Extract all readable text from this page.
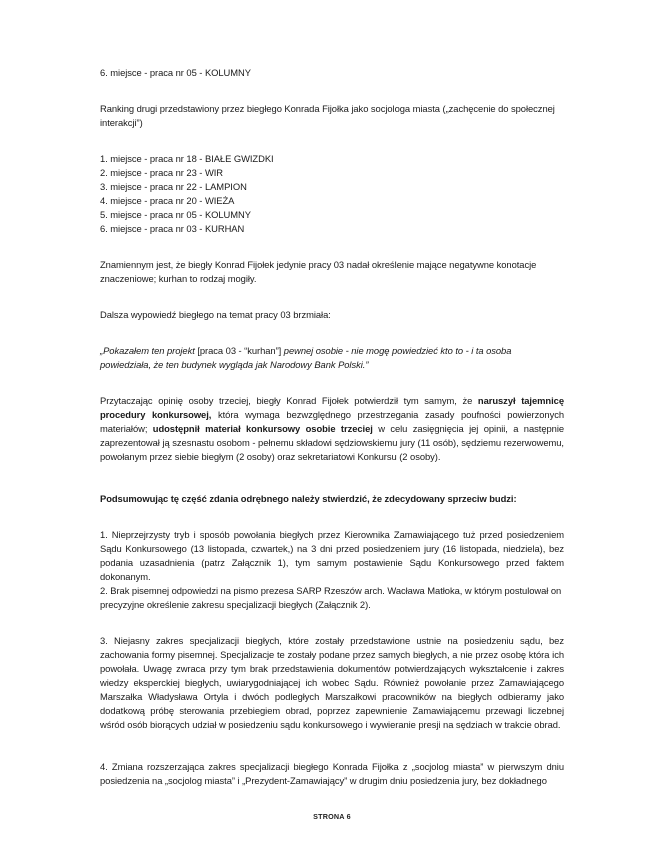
6. miejsce - praca nr 05 - KOLUMNY

Ranking drugi przedstawiony przez biegłego Konrada Fijołka jako socjologa miasta („zachęcenie do społecznej interakcji”)

1. miejsce - praca nr 18 - BIAŁE GWIZDKI

2. miejsce - praca nr 23 - WIR

3. miejsce - praca nr 22 - LAMPION

4. miejsce - praca nr 20 - WIEŻA

5. miejsce - praca nr 05 - KOLUMNY

6. miejsce - praca nr 03 - KURHAN

Znamiennym jest, że biegły Konrad Fijołek jedynie pracy 03 nadał określenie mające negatywne konotacje znaczeniowe; kurhan to rodzaj mogiły.

Dalsza wypowiedź biegłego na temat pracy 03 brzmiała:

„Pokazałem ten projekt [praca 03 - “kurhan”] pewnej osobie - nie mogę powiedzieć kto to - i ta osoba powiedziała, że ten budynek wygląda jak Narodowy Bank Polski.”

Przytaczając opinię osoby trzeciej, biegły Konrad Fijołek potwierdził tym samym, że naruszył tajemnicę procedury konkursowej, która wymaga bezwzględnego przestrzegania zasady poufności powierzonych materiałów; udostępnił materiał konkursowy osobie trzeciej w celu zasięgnięcia jej opinii, a następnie zaprezentował ją szesnastu osobom - pełnemu składowi sędziowskiemu jury (11 osób), sędziemu rezerwowemu, powołanym przez siebie biegłym (2 osoby) oraz sekretariatowi Konkursu (2 osoby).

Podsumowując tę część zdania odrębnego należy stwierdzić, że zdecydowany sprzeciw budzi:

1. Nieprzejrzysty tryb i sposób powołania biegłych przez Kierownika Zamawiającego tuż przed posiedzeniem Sądu Konkursowego (13 listopada, czwartek,) na 3 dni przed posiedzeniem jury (16 listopada, niedziela), bez podania uzasadnienia (patrz Załącznik 1), tym samym postawienie Sądu Konkursowego przed faktem dokonanym.

2. Brak pisemnej odpowiedzi na pismo prezesa SARP Rzeszów arch. Wacława Matłoka, w którym postulował on precyzyjne określenie zakresu specjalizacji biegłych (Załącznik 2).

3. Niejasny zakres specjalizacji biegłych, które zostały przedstawione ustnie na posiedzeniu sądu, bez zachowania formy pisemnej. Specjalizacje te zostały podane przez samych biegłych, a nie przez osobę która ich powołała. Uwagę zwraca przy tym brak przedstawienia dokumentów potwierdzających wykształcenie i zakres wiedzy eksperckiej biegłych, uwiarygodniającej ich wobec Sądu. Również powołanie przez Zamawiającego Marszałka Władysława Ortyla i dwóch podległych Marszałkowi pracowników na biegłych odbieramy jako dodatkową próbę sterowania przebiegiem obrad, poprzez zapewnienie Zamawiającemu przewagi liczebnej wśród osób biorących udział w posiedzeniu sądu konkursowego i wywieranie presji na sędziach w trakcie obrad.

4. Zmiana rozszerzająca zakres specjalizacji biegłego Konrada Fijołka z „socjolog miasta” w pierwszym dniu posiedzenia na „socjolog miasta” i „Prezydent-Zamawiający” w drugim dniu posiedzenia jury, bez dokładnego

STRONA 6
